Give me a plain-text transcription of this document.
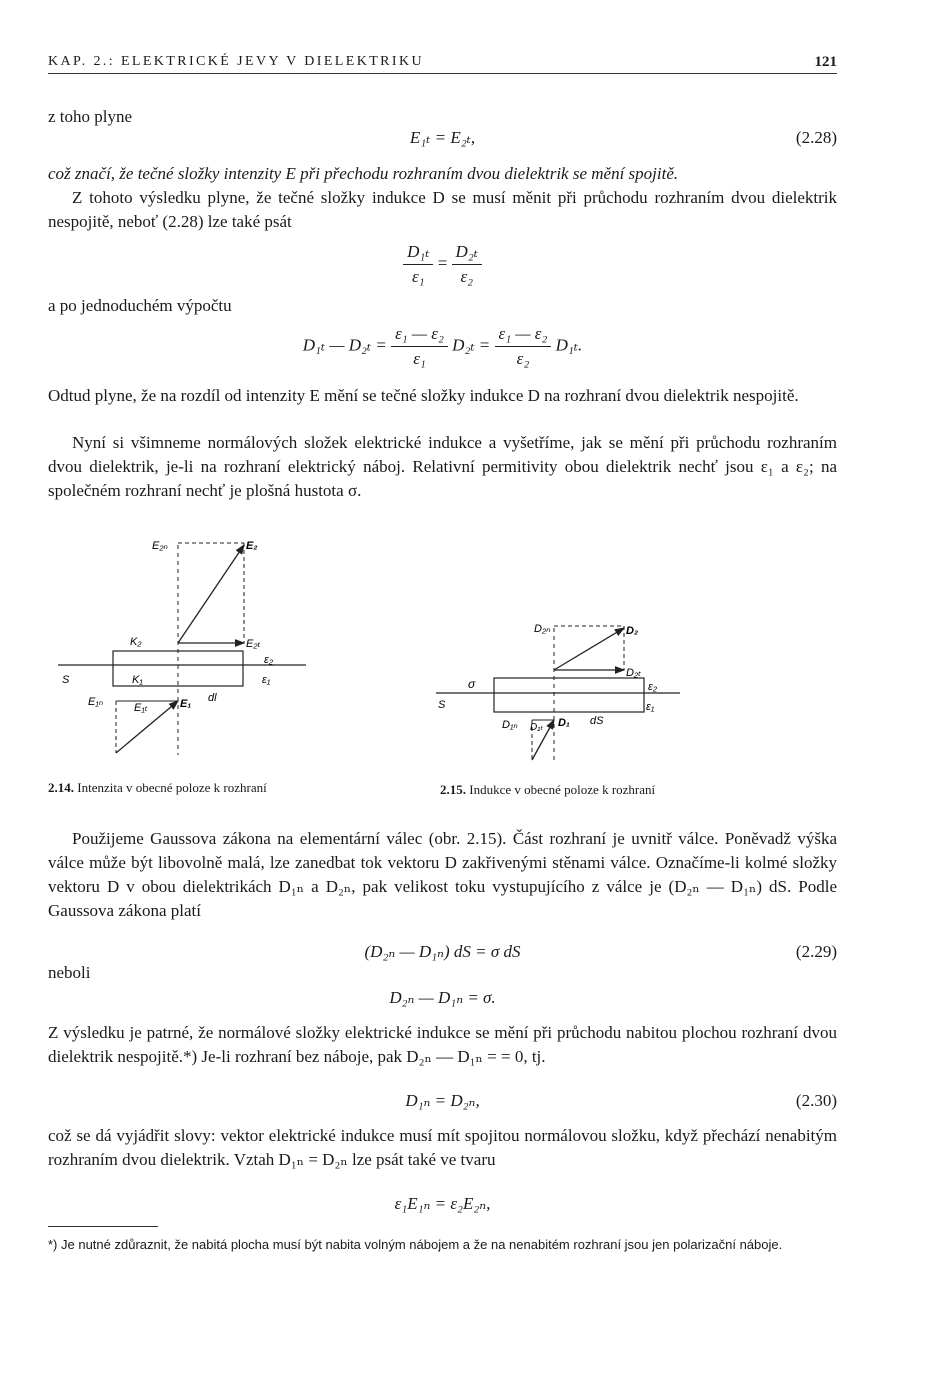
KAP. 2.: ELEKTRICKÉ JEVY V DIELEKTRIKU	121
z toho plyne
E₁ₜ = E₂ₜ,	(2.28)
což značí, že tečné složky intenzity E při přechodu rozhraním dvou dielektrik se mění spojitě.
Z tohoto výsledku plyne, že tečné složky indukce D se musí měnit při průchodu rozhraním dvou dielektrik nespojitě, neboť (2.28) lze také psát
$\frac{\text{D₁ₜ}}{\text{ε₁}} = \frac{\text{D₂ₜ}}{\text{ε₂}}$
a po jednoduchém výpočtu
D₁ₜ — $D_{2t} = \frac{\text{ε₁ — ε₂}}{\text{ε₁}} D_{2t} = \frac{\text{ε₁ — ε₂}}{\text{ε₂}} D_{1t}$.
Odtud plyne, že na rozdíl od intenzity E mění se tečné složky indukce D na rozhraní dvou dielektrik nespojitě.
Nyní si všimneme normálových složek elektrické indukce a vyšetříme, jak se mění při průchodu rozhraním dvou dielektrik, je-li na rozhraní elektrický náboj. Relativní permitivity obou dielektrik nechť jsou ε₁ a ε₂; na společném rozhraní nechť je plošná hustota σ.
E₂ₙ	E₂
K₂	E₂ₜ
ε₂
S	K₁	ε₁
E₁ₙ	E₁ₜ	E₁ dl
2.14. Intenzita v obecné poloze k rozhraní
D₂ₙ	D₂
D₂ₜ
σ	ε₂
S	ε₁
D₁ₙ D₁ₜ D₁ dS
2.15. Indukce v obecné poloze k rozhraní
Použijeme Gaussova zákona na elementární válec (obr. 2.15). Část rozhraní je uvnitř válce. Poněvadž výška válce může být libovolně malá, lze zanedbat tok vektoru D zakřivenými stěnami válce. Označíme-li kolmé složky vektoru D v obou dielektrikách D₁ₙ a D₂ₙ, pak velikost toku vystupujícího z válce je (D₂ₙ — D₁ₙ) dS. Podle Gaussova zákona platí
(D₂ₙ — D₁ₙ) dS = σ dS	(2.29)
neboli
D₂ₙ — D₁ₙ = σ.
Z výsledku je patrné, že normálové složky elektrické indukce se mění při průchodu nabitou plochou rozhraní dvou dielektrik nespojitě.*) Je-li rozhraní bez náboje, pak D₂ₙ — D₁ₙ = = 0, tj.
D₁ₙ = D₂ₙ,	(2.30)
což se dá vyjádřit slovy: vektor elektrické indukce musí mít spojitou normálovou složku, když přechází nenabitým rozhraním dvou dielektrik. Vztah D₁ₙ = D₂ₙ lze psát také ve tvaru
ε₁E₁ₙ = ε₂E₂ₙ,
*) Je nutné zdůraznit, že nabitá plocha musí být nabita volným nábojem a že na nenabitém rozhraní jsou jen polarizační náboje.
